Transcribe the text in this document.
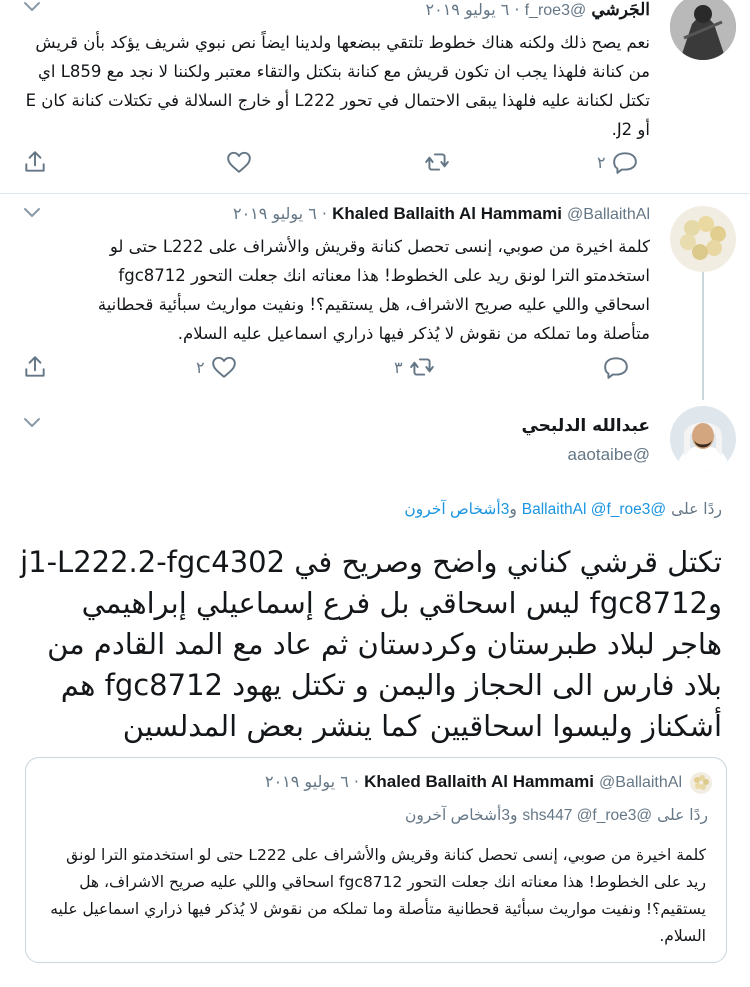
الجَرشي @f_roe3 · ٦ يوليو ٢٠١٩
نعم يصح ذلك ولكنه هناك خطوط تلتقي ببضعها ولدينا ايضاً نص نبوي شريف يؤكد بأن قريش من كنانة فلهذا يجب ان تكون قريش مع كنانة بتكتل والتقاء معتبر ولكننا لا نجد مع L859 اي تكتل لكنانة عليه فلهذا يبقى الاحتمال في تحور L222 أو خارج السلالة في تكتلات كنانة كان E أو J2.
٢
Khaled Ballaith Al Hammami @BallaithAl · ٦ يوليو ٢٠١٩
كلمة اخيرة من صوبي، إنسى تحصل كنانة وقريش والأشراف على L222 حتى لو استخدمتو الترا لونق ريد على الخطوط! هذا معناته انك جعلت التحور fgc8712 اسحاقي واللي عليه صريح الاشراف، هل يستقيم؟! ونفيت مواريث سبأئية قحطانية متأصلة وما تملكه من نقوش لا يُذكر فيها ذراري اسماعيل عليه السلام.
٣
٢
عبدالله الدلبحي
@aaotaibe
ردًا على @BallaithAl @f_roe3 و3أشخاص آخرون
تكتل قرشي كناني واضح وصريح في j1-L222.2-fgc4302 وfgc8712 ليس اسحاقي بل فرع إسماعيلي إبراهيمي هاجر لبلاد طبرستان وكردستان ثم عاد مع المد القادم من بلاد فارس الى الحجاز واليمن و تكتل يهود fgc8712 هم أشكناز وليسوا اسحاقيين كما ينشر بعض المدلسين
Khaled Ballaith Al Hammami @BallaithAl · ٦ يوليو ٢٠١٩
ردًا على @shs447 @f_roe3 و3أشخاص آخرون
كلمة اخيرة من صوبي، إنسى تحصل كنانة وقريش والأشراف على L222 حتى لو استخدمتو الترا لونق ريد على الخطوط! هذا معناته انك جعلت التحور fgc8712 اسحاقي واللي عليه صريح الاشراف، هل يستقيم؟! ونفيت مواريث سبأئية قحطانية متأصلة وما تملكه من نقوش لا يُذكر فيها ذراري اسماعيل عليه السلام.
